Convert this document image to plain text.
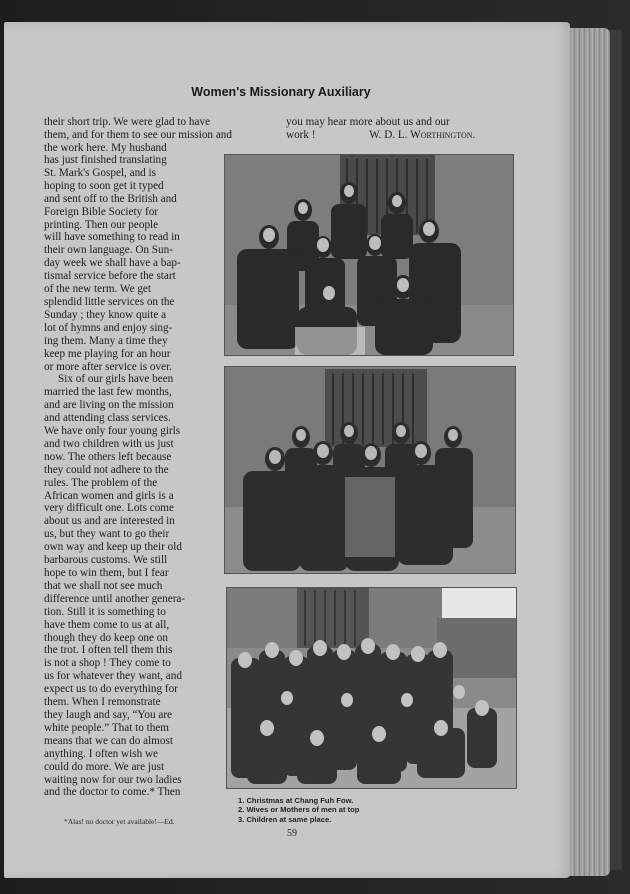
Women's Missionary Auxiliary
their short trip. We were glad to have
them, and for them to see our mission and
the work here. My husband
you may hear more about us and our
work !	W. D. L. Worthington.
has just finished translating
St. Mark's Gospel, and is
hoping to soon get it typed
and sent off to the British and
Foreign Bible Society for
printing. Then our people
will have something to read in
their own language. On Sun-
day week we shall have a bap-
tismal service before the start
of the new term. We get
splendid little services on the
Sunday ; they know quite a
lot of hymns and enjoy sing-
ing them. Many a time they
keep me playing for an hour
or more after service is over.
Six of our girls have been
married the last few months,
and are living on the mission
and attending class services.
We have only four young girls
and two children with us just
now. The others left because
they could not adhere to the
rules. The problem of the
African women and girls is a
very difficult one. Lots come
about us and are interested in
us, but they want to go their
own way and keep up their old
barbarous customs. We still
hope to win them, but I fear
that we shall not see much
difference until another genera-
tion. Still it is something to
have them come to us at all,
though they do keep one on
the trot. I often tell them this
is not a shop ! They come to
us for whatever they want, and
expect us to do everything for
them. When I remonstrate
they laugh and say, “You are
white people.” That to them
means that we can do almost
anything. I often wish we
could do more. We are just
waiting now for our two ladies
and the doctor to come.* Then
1. Christmas at Chang Fuh Fow.
2. Wives or Mothers of men at top
3. Children at same place.
*Alas! no doctor yet available!—Ed.
59
